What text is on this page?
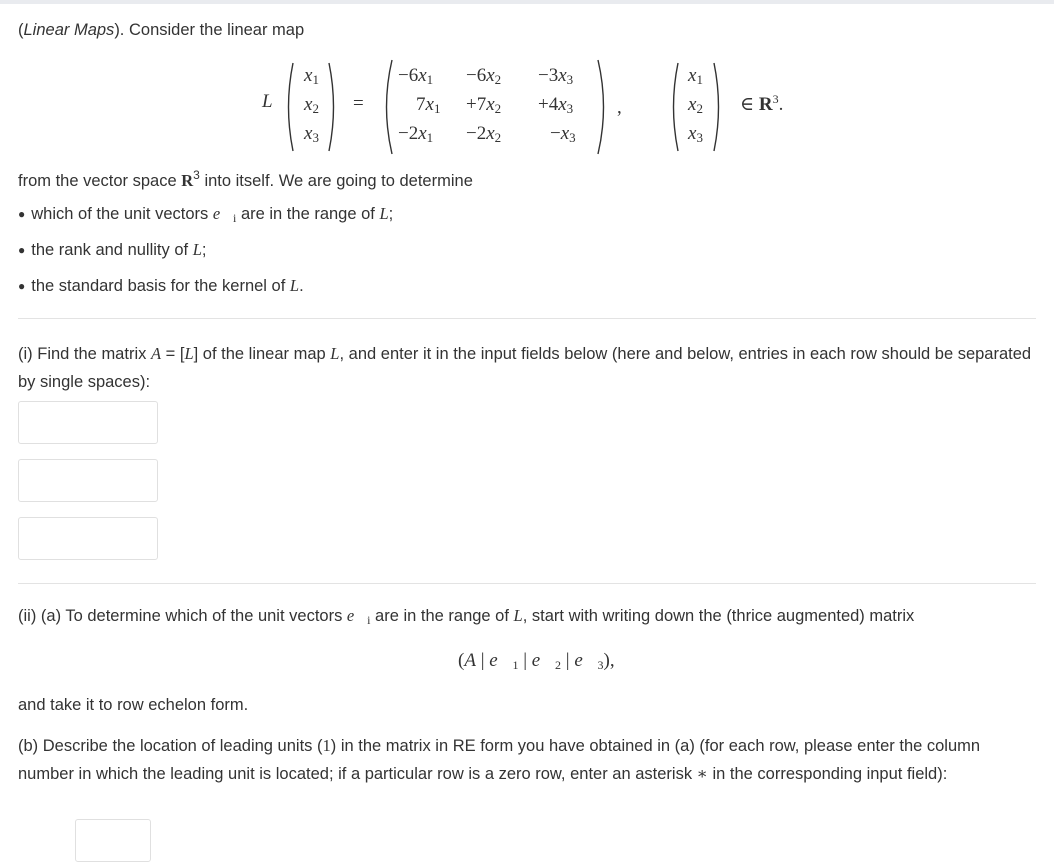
(Linear Maps). Consider the linear map
L
$x_1$
$x_2$
$x_3$
=
$-6x_1 -6x_2 -3x_3$
$7x_1 +7x_2 +4x_3$
$-2x_1 -2x_2$	$-x_3$
,
$x_1$
$x_2$
$x_3$
∈ $R^3$.
from the vector space $R^3$ into itself. We are going to determine
● which of the unit vectors $e⃗_i$ are in the range of L;
● the rank and nullity of L;
● the standard basis for the kernel of L.
(i) Find the matrix A = [L] of the linear map L, and enter it in the input fields below (here and below, entries in each row should be separated by single spaces):
(ii) (a) To determine which of the unit vectors $e⃗_i$ are in the range of L, start with writing down the (thrice augmented) matrix
(A | $e⃗_1$ | $e⃗_2$ | $e⃗_3$),
and take it to row echelon form.
(b) Describe the location of leading units (1) in the matrix in RE form you have obtained in (a) (for each row, please enter the column number in which the leading unit is located; if a particular row is a zero row, enter an asterisk ∗ in the corresponding input field):
